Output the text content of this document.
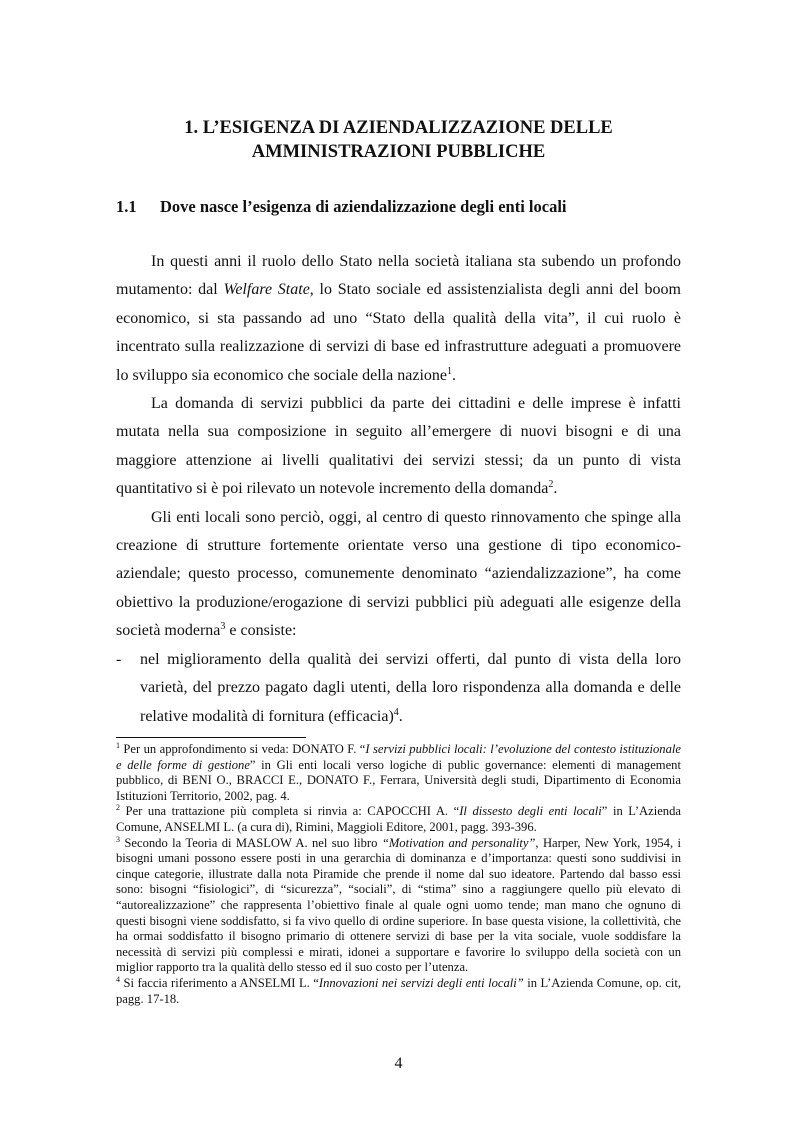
1. L’ESIGENZA DI AZIENDALIZZAZIONE DELLE
AMMINISTRAZIONI PUBBLICHE
1.1 Dove nasce l’esigenza di aziendalizzazione degli enti locali

In questi anni il ruolo dello Stato nella società italiana sta subendo un profondo mutamento: dal Welfare State, lo Stato sociale ed assistenzialista degli anni del boom economico, si sta passando ad uno “Stato della qualità della vita”, il cui ruolo è incentrato sulla realizzazione di servizi di base ed infrastrutture adeguati a promuovere lo sviluppo sia economico che sociale della nazione$^1$.

La domanda di servizi pubblici da parte dei cittadini e delle imprese è infatti mutata nella sua composizione in seguito all’emergere di nuovi bisogni e di una maggiore attenzione ai livelli qualitativi dei servizi stessi; da un punto di vista quantitativo si è poi rilevato un notevole incremento della domanda$^2$.

Gli enti locali sono perciò, oggi, al centro di questo rinnovamento che spinge alla creazione di strutture fortemente orientate verso una gestione di tipo economico-aziendale; questo processo, comunemente denominato “aziendalizzazione”, ha come obiettivo la produzione/erogazione di servizi pubblici più adeguati alle esigenze della società moderna$^3$ e consiste:

-	nel miglioramento della qualità dei servizi offerti, dal punto di vista della loro varietà, del prezzo pagato dagli utenti, della loro rispondenza alla domanda e delle relative modalità di fornitura (efficacia)$^4$.

$^1$ Per un approfondimento si veda: DONATO F. “I servizi pubblici locali: l’evoluzione del contesto istituzionale e delle forme di gestione” in Gli enti locali verso logiche di public governance: elementi di management pubblico, di BENI O., BRACCI E., DONATO F., Ferrara, Università degli studi, Dipartimento di Economia Istituzioni Territorio, 2002, pag. 4.

$^2$ Per una trattazione più completa si rinvia a: CAPOCCHI A. “Il dissesto degli enti locali” in L’Azienda Comune, ANSELMI L. (a cura di), Rimini, Maggioli Editore, 2001, pagg. 393-396.

$^3$ Secondo la Teoria di MASLOW A. nel suo libro “Motivation and personality”, Harper, New York, 1954, i bisogni umani possono essere posti in una gerarchia di dominanza e d’importanza: questi sono suddivisi in cinque categorie, illustrate dalla nota Piramide che prende il nome dal suo ideatore. Partendo dal basso essi sono: bisogni “fisiologici”, di “sicurezza”, “sociali”, di “stima” sino a raggiungere quello più elevato di “autorealizzazione” che rappresenta l’obiettivo finale al quale ogni uomo tende; man mano che ognuno di questi bisogni viene soddisfatto, si fa vivo quello di ordine superiore. In base questa visione, la collettività, che ha ormai soddisfatto il bisogno primario di ottenere servizi di base per la vita sociale, vuole soddisfare la necessità di servizi più complessi e mirati, idonei a supportare e favorire lo sviluppo della società con un miglior rapporto tra la qualità dello stesso ed il suo costo per l’utenza.

$^4$ Si faccia riferimento a ANSELMI L. “Innovazioni nei servizi degli enti locali” in L’Azienda Comune, op. cit, pagg. 17-18.

4
